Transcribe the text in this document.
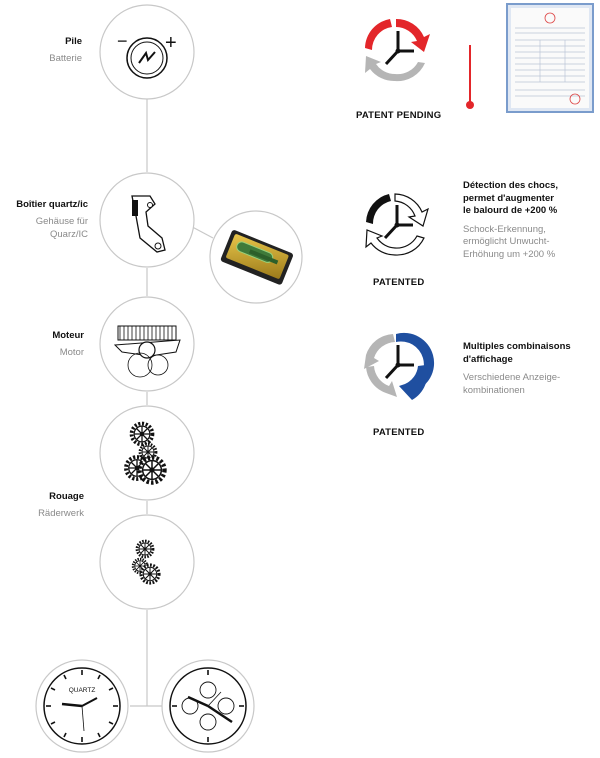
Pile
Batterie
Boîtier quartz/ic
Gehäuse für
Quarz/IC
Moteur
Motor
Rouage
Räderwerk
− +
QUARTZ
PATENT PENDING
PATENTED
PATENTED
Détection des chocs,
permet d'augmenter
le balourd de +200 %
Schock-Erkennung,
ermöglicht Unwucht-
Erhöhung um +200 %
Multiples combinaisons
d'affichage
Verschiedene Anzeige-
kombinationen
